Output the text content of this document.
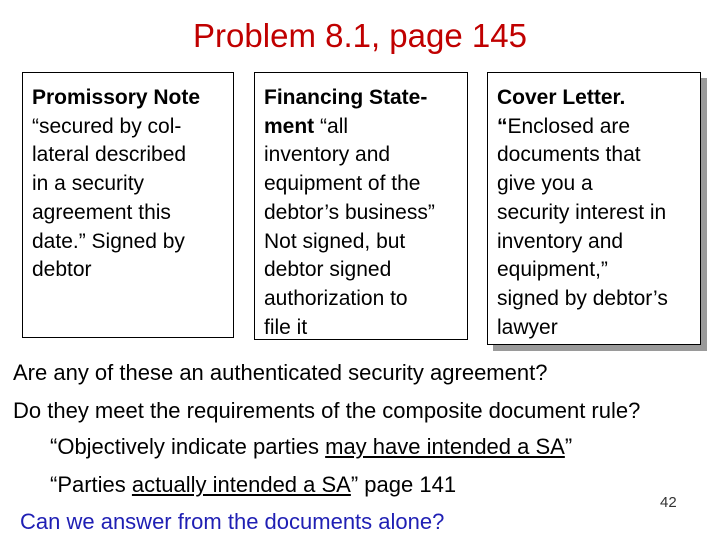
Problem 8.1, page 145
Promissory Note
“secured by col-
lateral described
in a security
agreement this
date.” Signed by
debtor
Financing State-
ment “all
inventory and
equipment of the
debtor’s business”
Not signed, but
debtor signed
authorization to
file it
Cover Letter.
“Enclosed are
documents that
give you a
security interest in
inventory and
equipment,”
signed by debtor’s
lawyer
Are any of these an authenticated security agreement?
Do they meet the requirements of the composite document rule?
“Objectively indicate parties may have intended a SA”
“Parties actually intended a SA” page 141
Can we answer from the documents alone?
42
